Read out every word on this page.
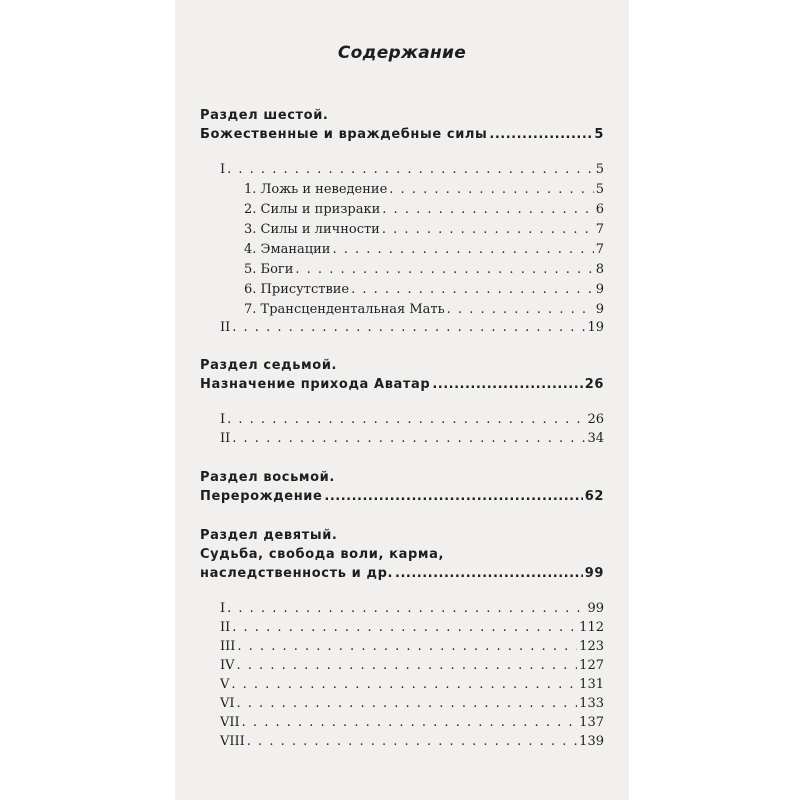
Содержание
Раздел шестой.
Божественные и враждебные силы .....	5
I . . .	5
1. Ложь и неведение . . .	5
2. Силы и призраки . . .	6
3. Силы и личности . . .	7
4. Эманации . . .	7
5. Боги . . .	8
6. Присутствие . . .	9
7. Трансцендентальная Мать . . .	9
II . . .	19
Раздел седьмой.
Назначение прихода Аватар .....	26
I . . .	26
II . . .	34
Раздел восьмой.
Перерождение .....	62
Раздел девятый.
Судьба, свобода воли, карма,
наследственность и др. .....	99
I . . .	99
II . . .	112
III . . .	123
IV . . .	127
V . . .	131
VI . . .	133
VII . . .	137
VIII . . .	139
